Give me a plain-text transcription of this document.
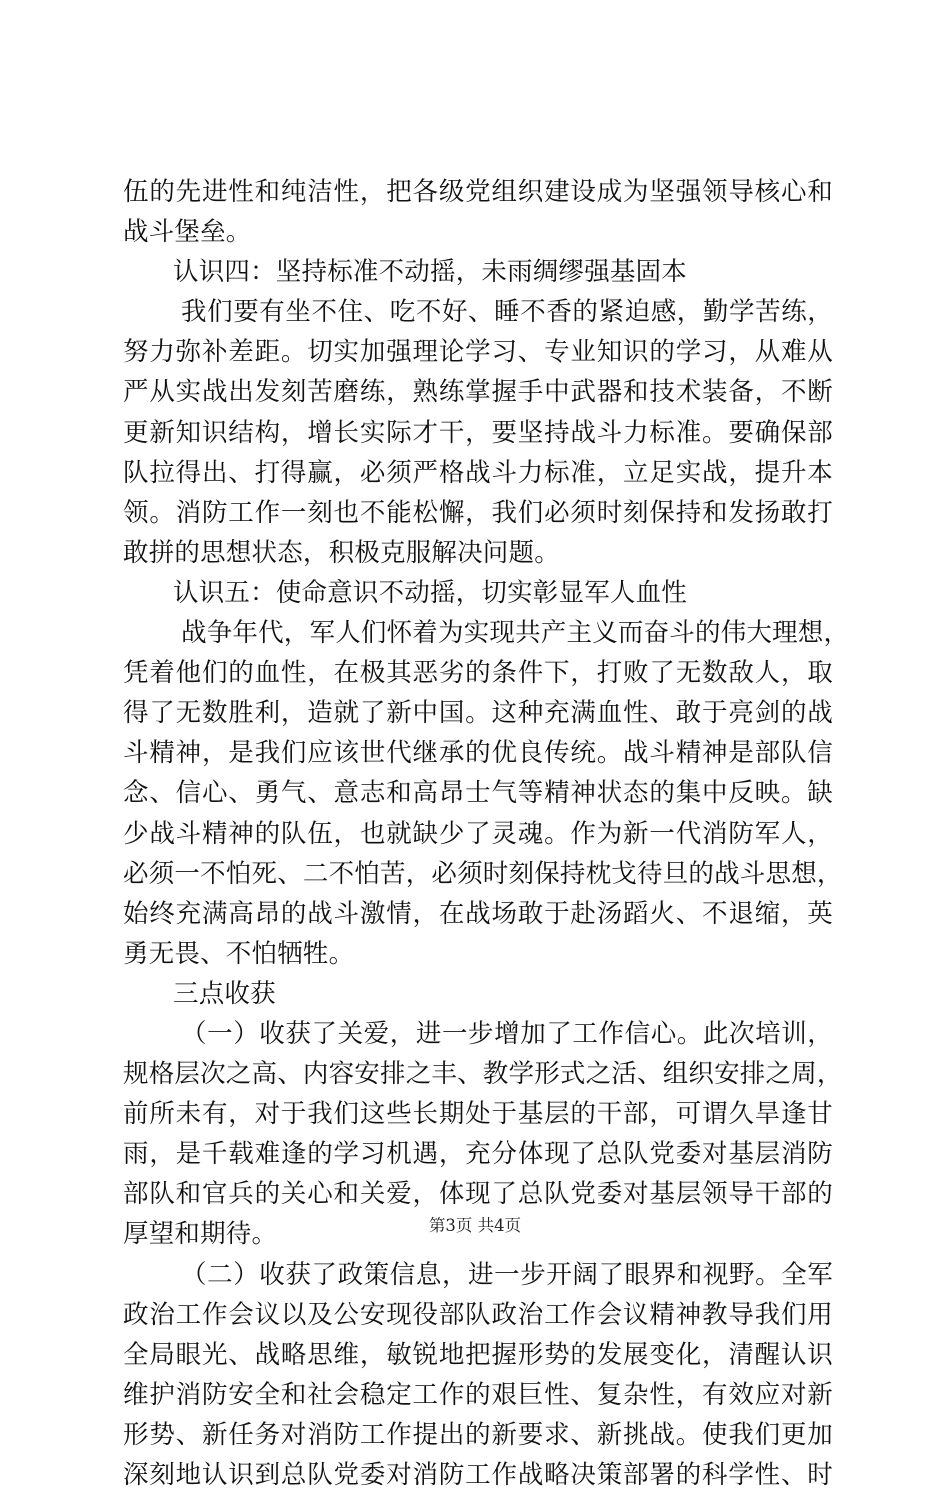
伍的先进性和纯洁性，把各级党组织建设成为坚强领导核心和
战斗堡垒。
认识四：坚持标准不动摇，未雨绸缪强基固本
我们要有坐不住、吃不好、睡不香的紧迫感，勤学苦练，
努力弥补差距。切实加强理论学习、专业知识的学习，从难从
严从实战出发刻苦磨练，熟练掌握手中武器和技术装备，不断
更新知识结构，增长实际才干，要坚持战斗力标准。要确保部
队拉得出、打得赢，必须严格战斗力标准，立足实战，提升本
领。消防工作一刻也不能松懈，我们必须时刻保持和发扬敢打
敢拼的思想状态，积极克服解决问题。
认识五：使命意识不动摇，切实彰显军人血性
战争年代，军人们怀着为实现共产主义而奋斗的伟大理想，
凭着他们的血性，在极其恶劣的条件下，打败了无数敌人，取
得了无数胜利，造就了新中国。这种充满血性、敢于亮剑的战
斗精神，是我们应该世代继承的优良传统。战斗精神是部队信
念、信心、勇气、意志和高昂士气等精神状态的集中反映。缺
少战斗精神的队伍，也就缺少了灵魂。作为新一代消防军人，
必须一不怕死、二不怕苦，必须时刻保持枕戈待旦的战斗思想，
始终充满高昂的战斗激情，在战场敢于赴汤蹈火、不退缩，英
勇无畏、不怕牺牲。
三点收获
（一）收获了关爱，进一步增加了工作信心。此次培训，
规格层次之高、内容安排之丰、教学形式之活、组织安排之周，
前所未有，对于我们这些长期处于基层的干部，可谓久旱逢甘
雨，是千载难逢的学习机遇，充分体现了总队党委对基层消防
部队和官兵的关心和关爱，体现了总队党委对基层领导干部的
厚望和期待。
（二）收获了政策信息，进一步开阔了眼界和视野。全军
政治工作会议以及公安现役部队政治工作会议精神教导我们用
全局眼光、战略思维，敏锐地把握形势的发展变化，清醒认识
维护消防安全和社会稳定工作的艰巨性、复杂性，有效应对新
形势、新任务对消防工作提出的新要求、新挑战。使我们更加
深刻地认识到总队党委对消防工作战略决策部署的科学性、时
第3页 共4页
